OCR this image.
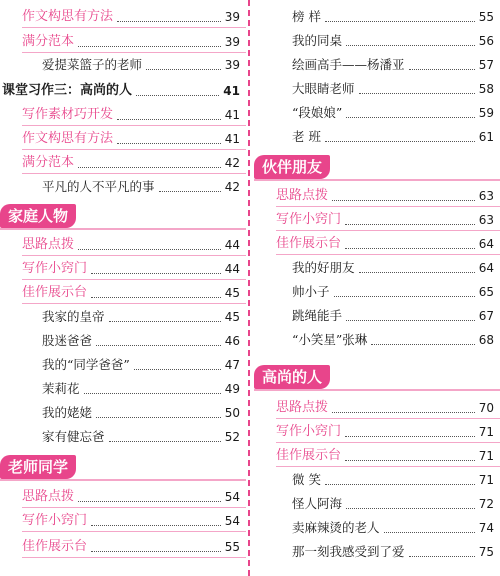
作文构思有方法	39
满分范本	39
爱提菜篮子的老师	39
课堂习作三：高尚的人	41
写作素材巧开发	41
作文构思有方法	41
满分范本	42
平凡的人不平凡的事	42
家庭人物
思路点拨	44
写作小窍门	44
佳作展示台	45
我家的皇帝	45
股迷爸爸	46
我的“同学爸爸”	47
茉莉花	49
我的姥姥	50
家有健忘爸	52
老师同学
思路点拨	54
写作小窍门	54
佳作展示台	55
榜 样	55
我的同桌	56
绘画高手——杨潘亚	57
大眼睛老师	58
“段娘娘”	59
老 班	61
伙伴朋友
思路点拨	63
写作小窍门	63
佳作展示台	64
我的好朋友	64
帅小子	65
跳绳能手	67
“小笑星”张琳	68
高尚的人
思路点拨	70
写作小窍门	71
佳作展示台	71
微 笑	71
怪人阿海	72
卖麻辣烫的老人	74
那一刻我感受到了爱	75
